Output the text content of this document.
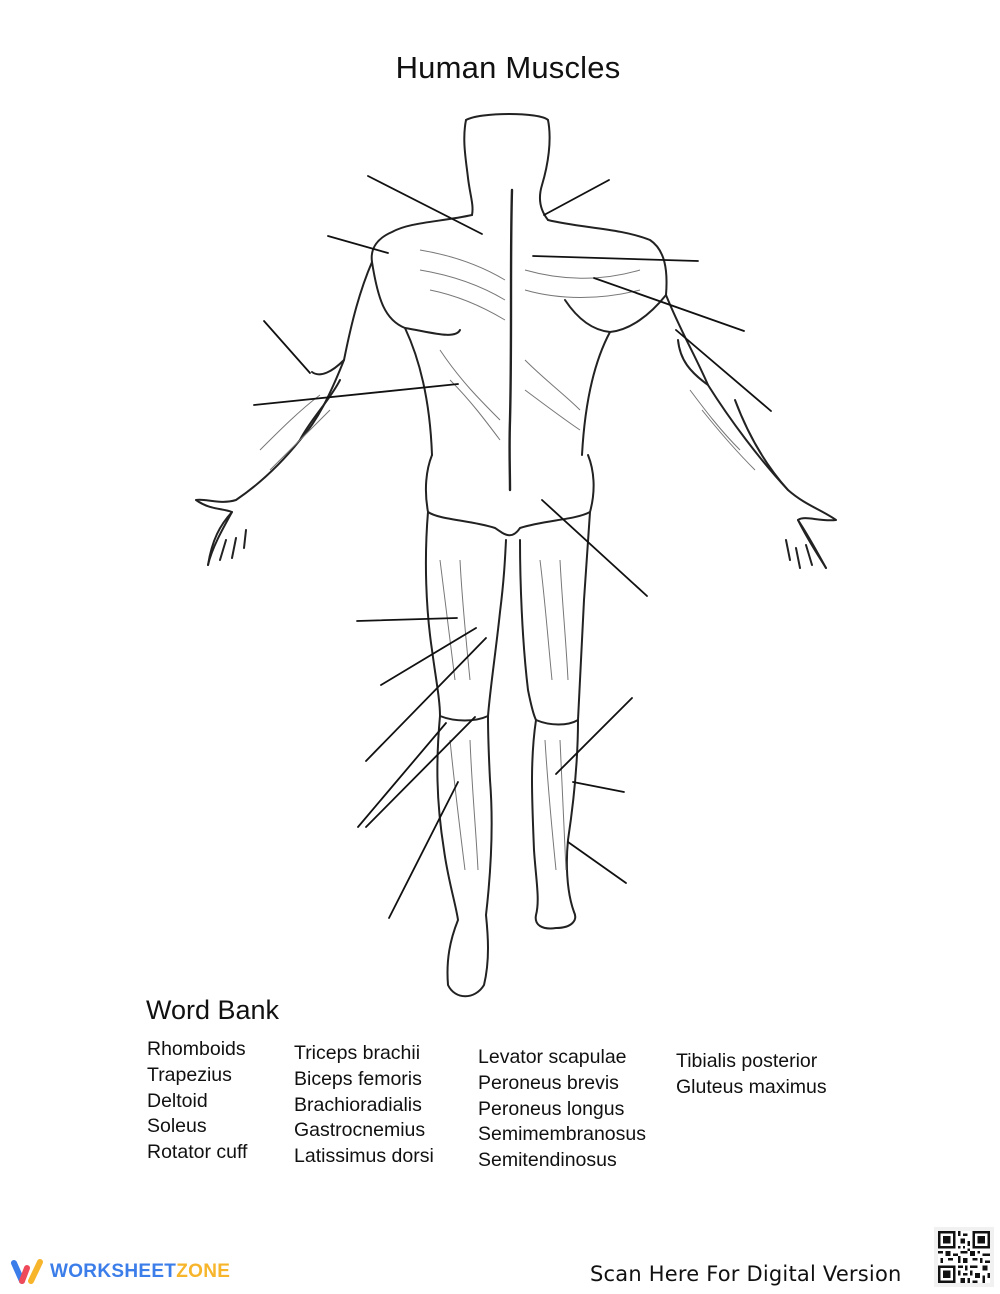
Human Muscles
Word Bank
Rhomboids
Trapezius
Deltoid
Soleus
Rotator cuff
Triceps brachii
Biceps femoris
Brachioradialis
Gastrocnemius
Latissimus dorsi
Levator scapulae
Peroneus brevis
Peroneus longus
Semimembranosus
Semitendinosus
Tibialis posterior
Gluteus maximus
WORKSHEETZONE	Scan Here For Digital Version
